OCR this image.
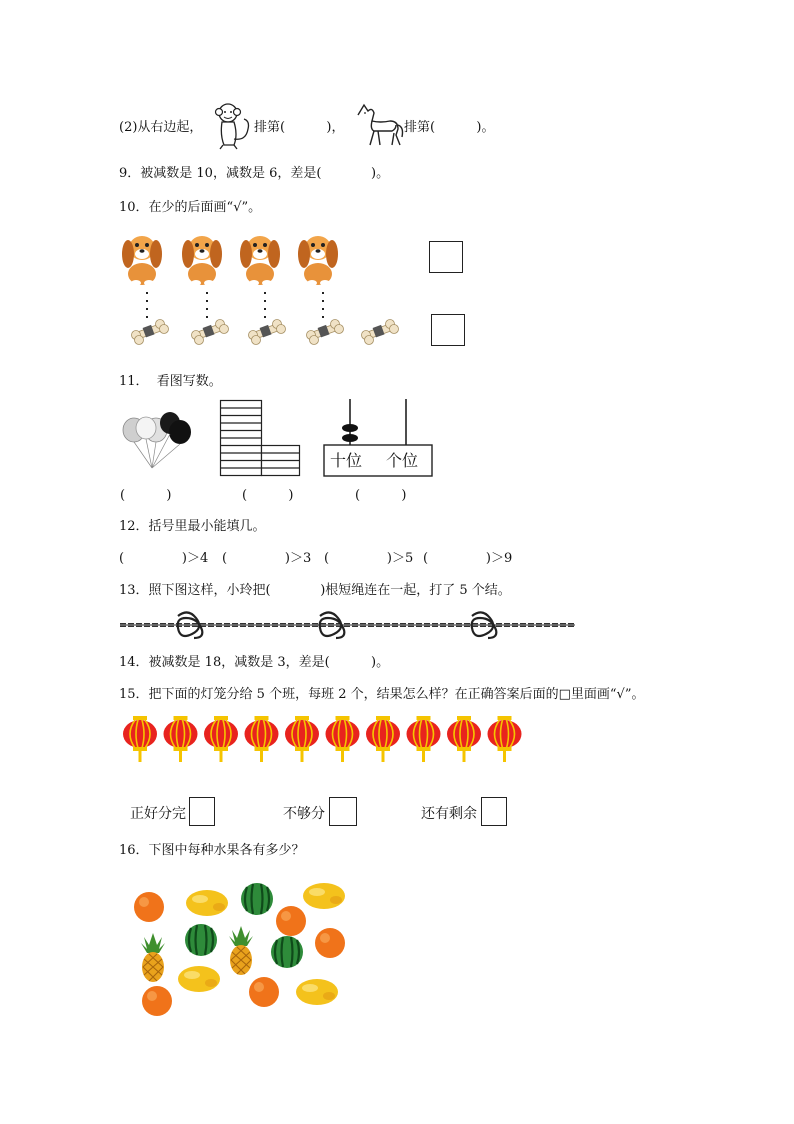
(2)从右边起，	排第(          )，	排第(          )。
9．被减数是 10，减数是 6，差是(            )。
10．在少的后面画“√”。
11．  看图写数。
十位 个位
(          )	(          )	(          )
12．括号里最小能填几。
(              )＞4 (              )＞3 (              )＞5 (              )＞9
13．照下图这样，小玲把(            )根短绳连在一起，打了 5 个结。
14．被减数是 18，减数是 3，差是(          )。
15．把下面的灯笼分给 5 个班，每班 2 个，结果怎么样？在正确答案后面的□里面画“√”。
正好分完	不够分	还有剩余
16．下图中每种水果各有多少？
